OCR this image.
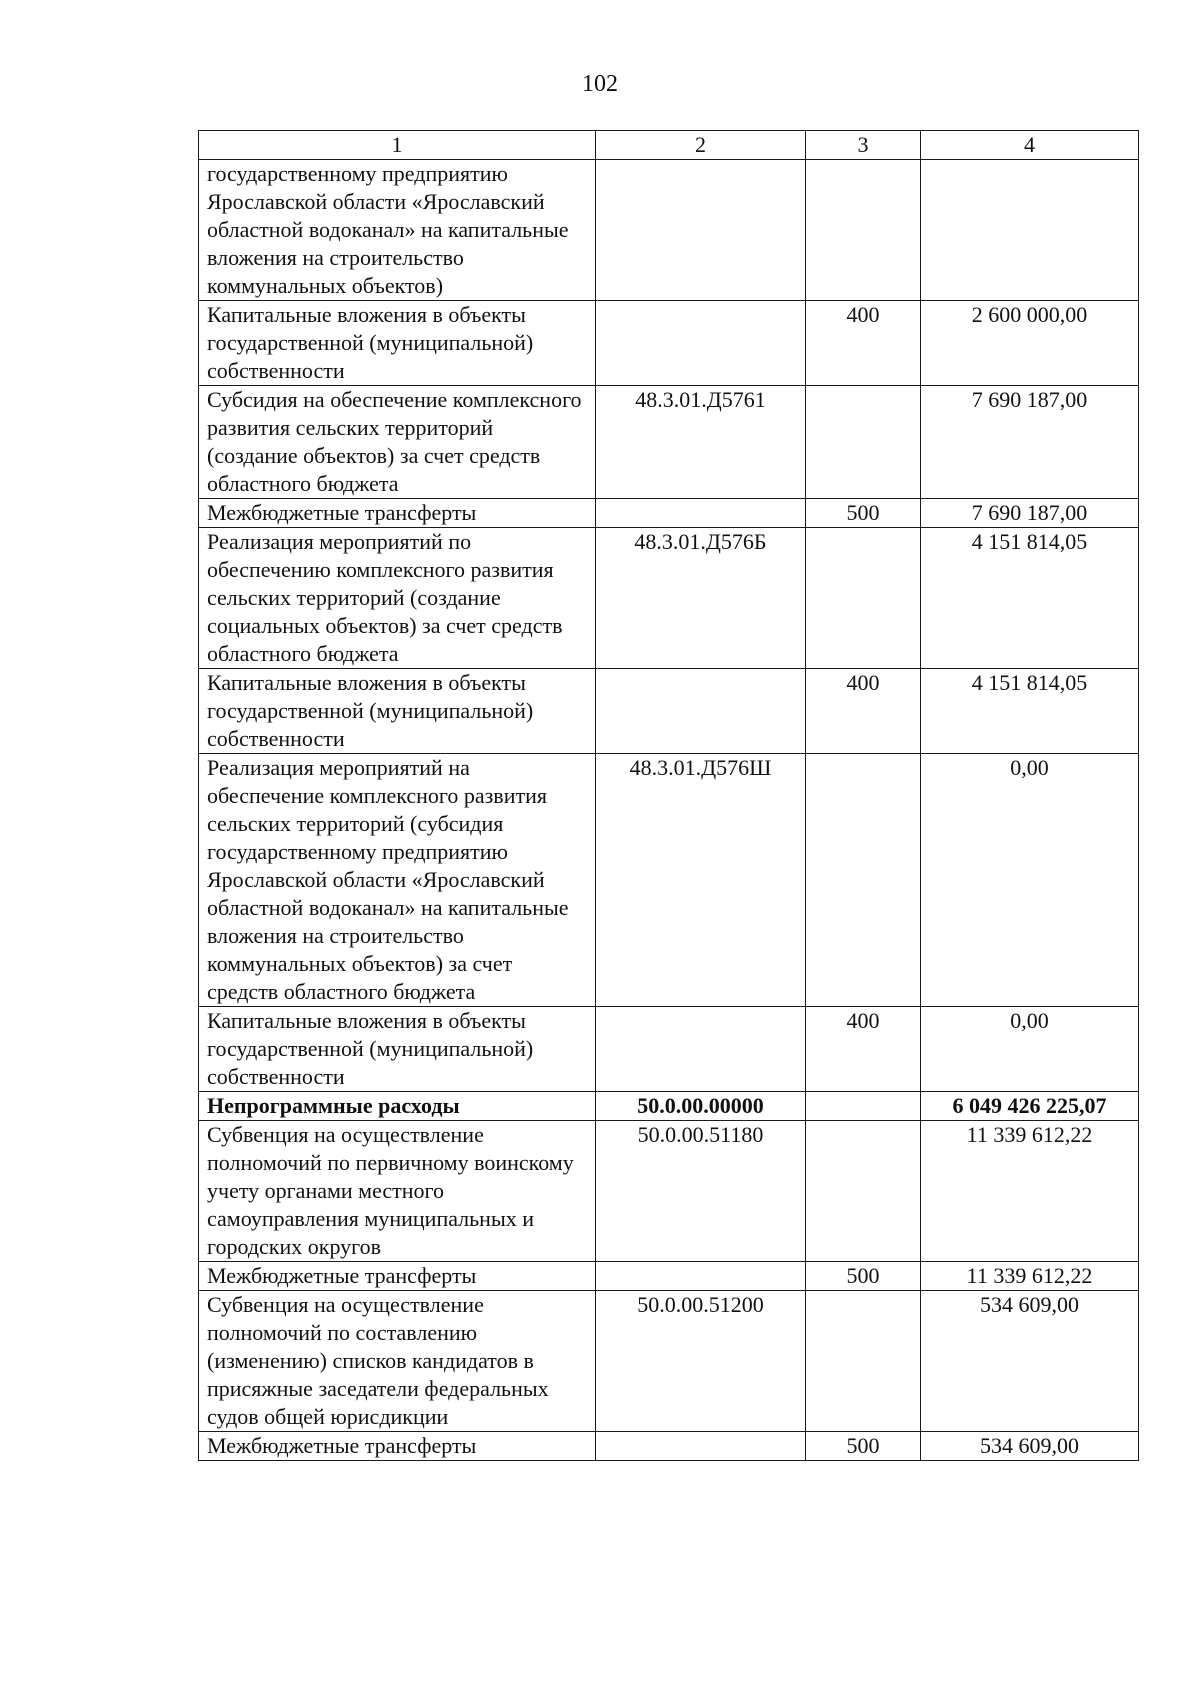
102
1	2	3	4
государственному предприятию Ярославской области «Ярославский областной водоканал» на капитальные вложения на строительство коммунальных объектов)			
Капитальные вложения в объекты государственной (муниципальной) собственности		400	2 600 000,00
Субсидия на обеспечение комплексного развития сельских территорий (создание объектов) за счет средств областного бюджета	48.3.01.Д5761		7 690 187,00
Межбюджетные трансферты		500	7 690 187,00
Реализация мероприятий по обеспечению комплексного развития сельских территорий (создание социальных объектов) за счет средств областного бюджета	48.3.01.Д576Б		4 151 814,05
Капитальные вложения в объекты государственной (муниципальной) собственности		400	4 151 814,05
Реализация мероприятий на обеспечение комплексного развития сельских территорий (субсидия государственному предприятию Ярославской области «Ярославский областной водоканал» на капитальные вложения на строительство коммунальных объектов) за счет средств областного бюджета	48.3.01.Д576Ш		0,00
Капитальные вложения в объекты государственной (муниципальной) собственности		400	0,00
Непрограммные расходы	50.0.00.00000		6 049 426 225,07
Субвенция на осуществление полномочий по первичному воинскому учету органами местного самоуправления муниципальных и городских округов	50.0.00.51180		11 339 612,22
Межбюджетные трансферты		500	11 339 612,22
Субвенция на осуществление полномочий по составлению (изменению) списков кандидатов в присяжные заседатели федеральных судов общей юрисдикции	50.0.00.51200		534 609,00
Межбюджетные трансферты		500	534 609,00
